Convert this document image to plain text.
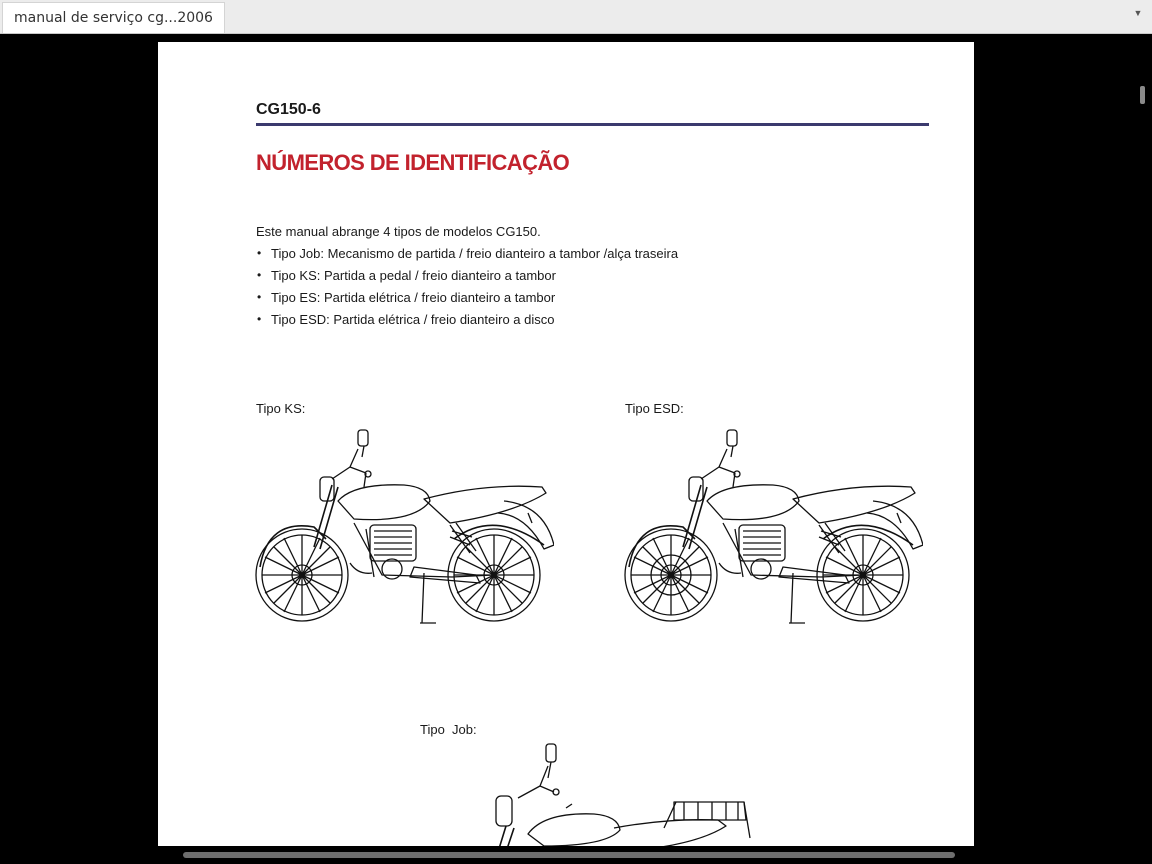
manual de serviço cg...2006	▼
CG150-6
NÚMEROS DE IDENTIFICAÇÃO
Este manual abrange 4 tipos de modelos CG150.
• Tipo Job: Mecanismo de partida / freio dianteiro a tambor /alça traseira
• Tipo KS: Partida a pedal / freio dianteiro a tambor
• Tipo ES: Partida elétrica / freio dianteiro a tambor
• Tipo ESD: Partida elétrica / freio dianteiro a disco
Tipo KS:	Tipo ESD:
Tipo  Job:
